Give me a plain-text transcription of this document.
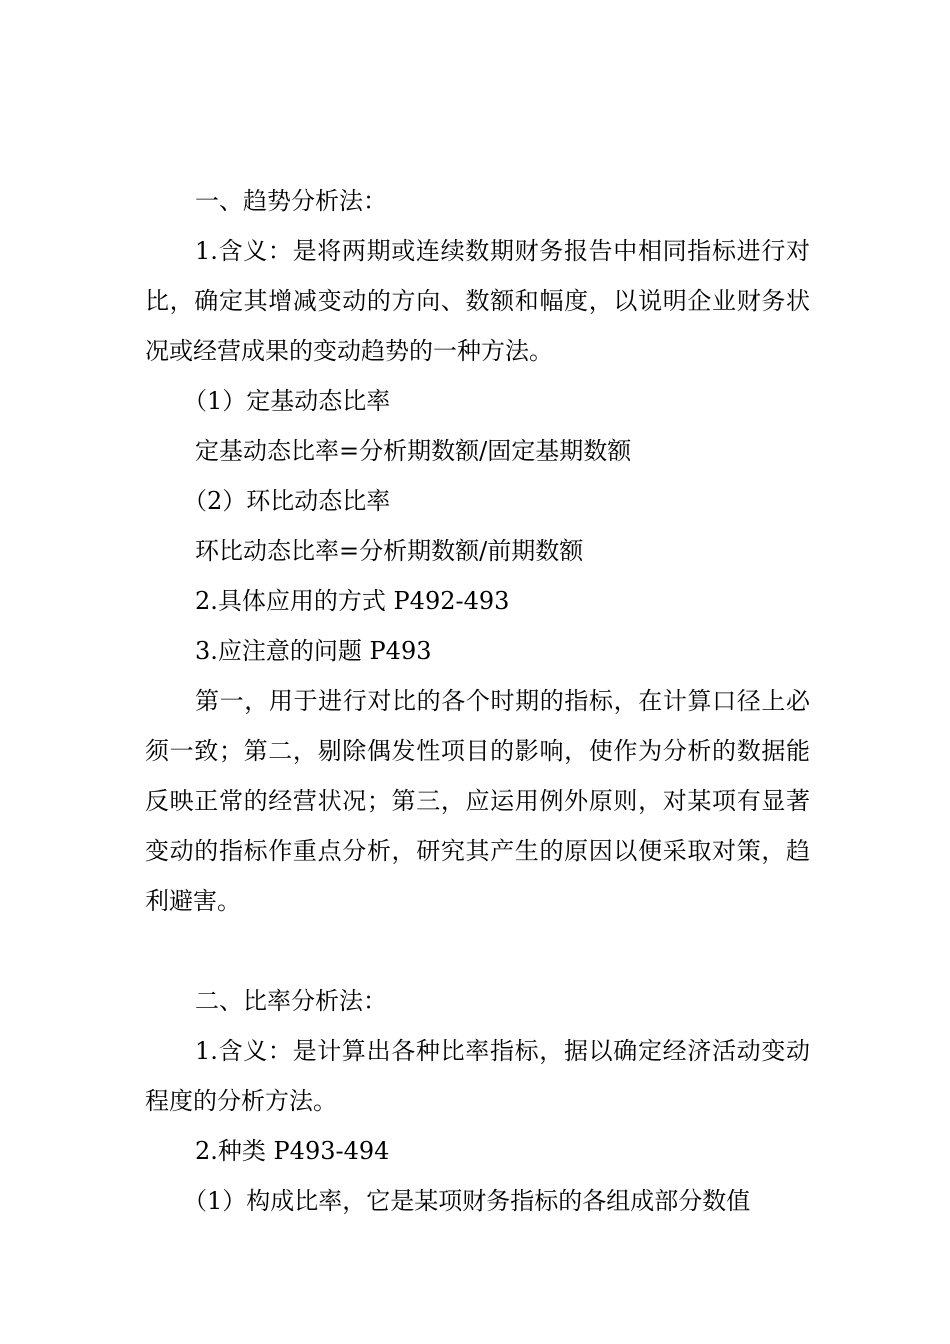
一、趋势分析法：

1.含义：是将两期或连续数期财务报告中相同指标进行对比，确定其增减变动的方向、数额和幅度，以说明企业财务状况或经营成果的变动趋势的一种方法。

（1）定基动态比率

定基动态比率=分析期数额/固定基期数额

（2）环比动态比率

环比动态比率=分析期数额/前期数额

2.具体应用的方式 P492-493

3.应注意的问题 P493

第一，用于进行对比的各个时期的指标，在计算口径上必须一致；第二，剔除偶发性项目的影响，使作为分析的数据能反映正常的经营状况；第三，应运用例外原则，对某项有显著变动的指标作重点分析，研究其产生的原因以便采取对策，趋利避害。

二、比率分析法：

1.含义：是计算出各种比率指标，据以确定经济活动变动程度的分析方法。

2.种类 P493-494

（1）构成比率，它是某项财务指标的各组成部分数值
